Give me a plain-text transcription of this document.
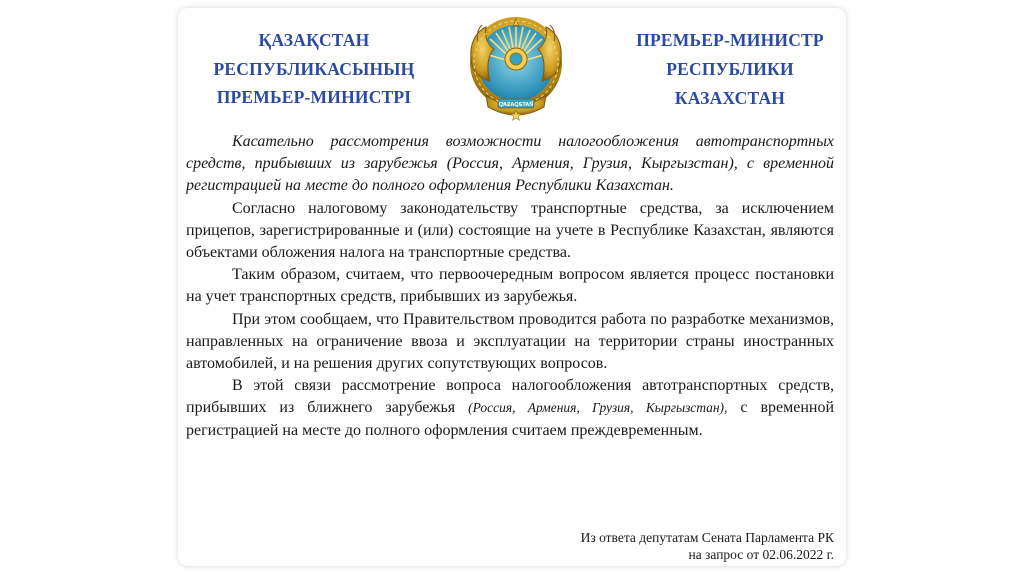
ҚАЗАҚСТАН
РЕСПУБЛИКАСЫНЫҢ
ПРЕМЬЕР-МИНИСТРІ	QAZAQSTAN
ПРЕМЬЕР-МИНИСТР
РЕСПУБЛИКИ
КАЗАХСТАН

Касательно рассмотрения возможности налогообложения автотранспортных средств, прибывших из зарубежья (Россия, Армения, Грузия, Кыргызстан), с временной регистрацией на месте до полного оформления Республики Казахстан.

Согласно налоговому законодательству транспортные средства, за исключением прицепов, зарегистрированные и (или) состоящие на учете в Республике Казахстан, являются объектами обложения налога на транспортные средства.

Таким образом, считаем, что первоочередным вопросом является процесс постановки на учет транспортных средств, прибывших из зарубежья.

При этом сообщаем, что Правительством проводится работа по разработке механизмов, направленных на ограничение ввоза и эксплуатации на территории страны иностранных автомобилей, и на решения других сопутствующих вопросов.

В этой связи рассмотрение вопроса налогообложения автотранспортных средств, прибывших из ближнего зарубежья (Россия, Армения, Грузия, Кыргызстан), с временной регистрацией на месте до полного оформления считаем преждевременным.

Из ответа депутатам Сената Парламента РК
на запрос от 02.06.2022 г.
